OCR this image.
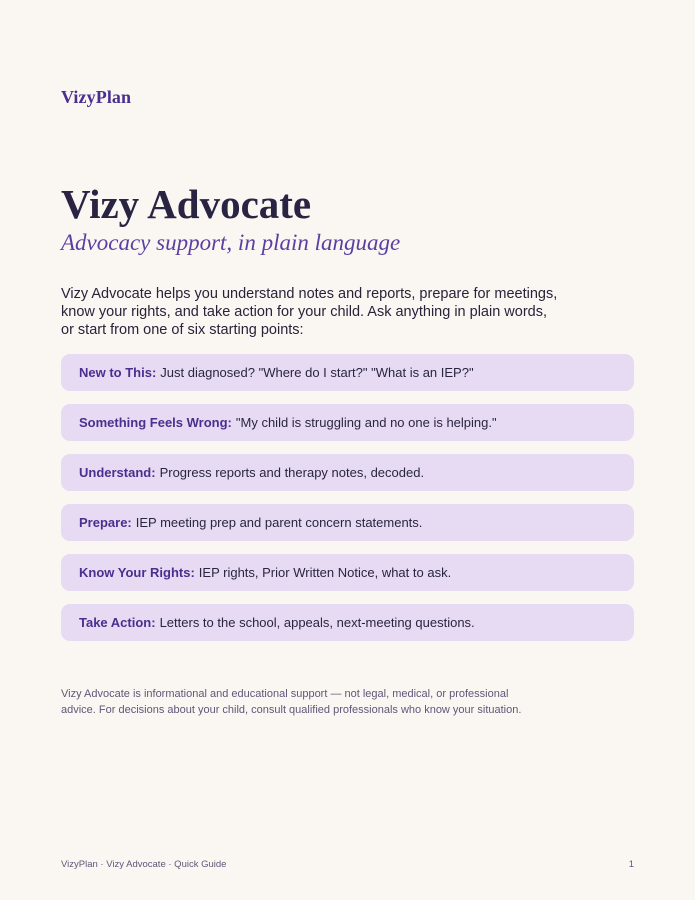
VizyPlan
Vizy Advocate
Advocacy support, in plain language

Vizy Advocate helps you understand notes and reports, prepare for meetings, know your rights, and take action for your child. Ask anything in plain words, or start from one of six starting points:

New to This: Just diagnosed? "Where do I start?" "What is an IEP?"
Something Feels Wrong: "My child is struggling and no one is helping."
Understand: Progress reports and therapy notes, decoded.
Prepare: IEP meeting prep and parent concern statements.
Know Your Rights: IEP rights, Prior Written Notice, what to ask.
Take Action: Letters to the school, appeals, next-meeting questions.

Vizy Advocate is informational and educational support — not legal, medical, or professional advice. For decisions about your child, consult qualified professionals who know your situation.

VizyPlan · Vizy Advocate · Quick Guide	1
